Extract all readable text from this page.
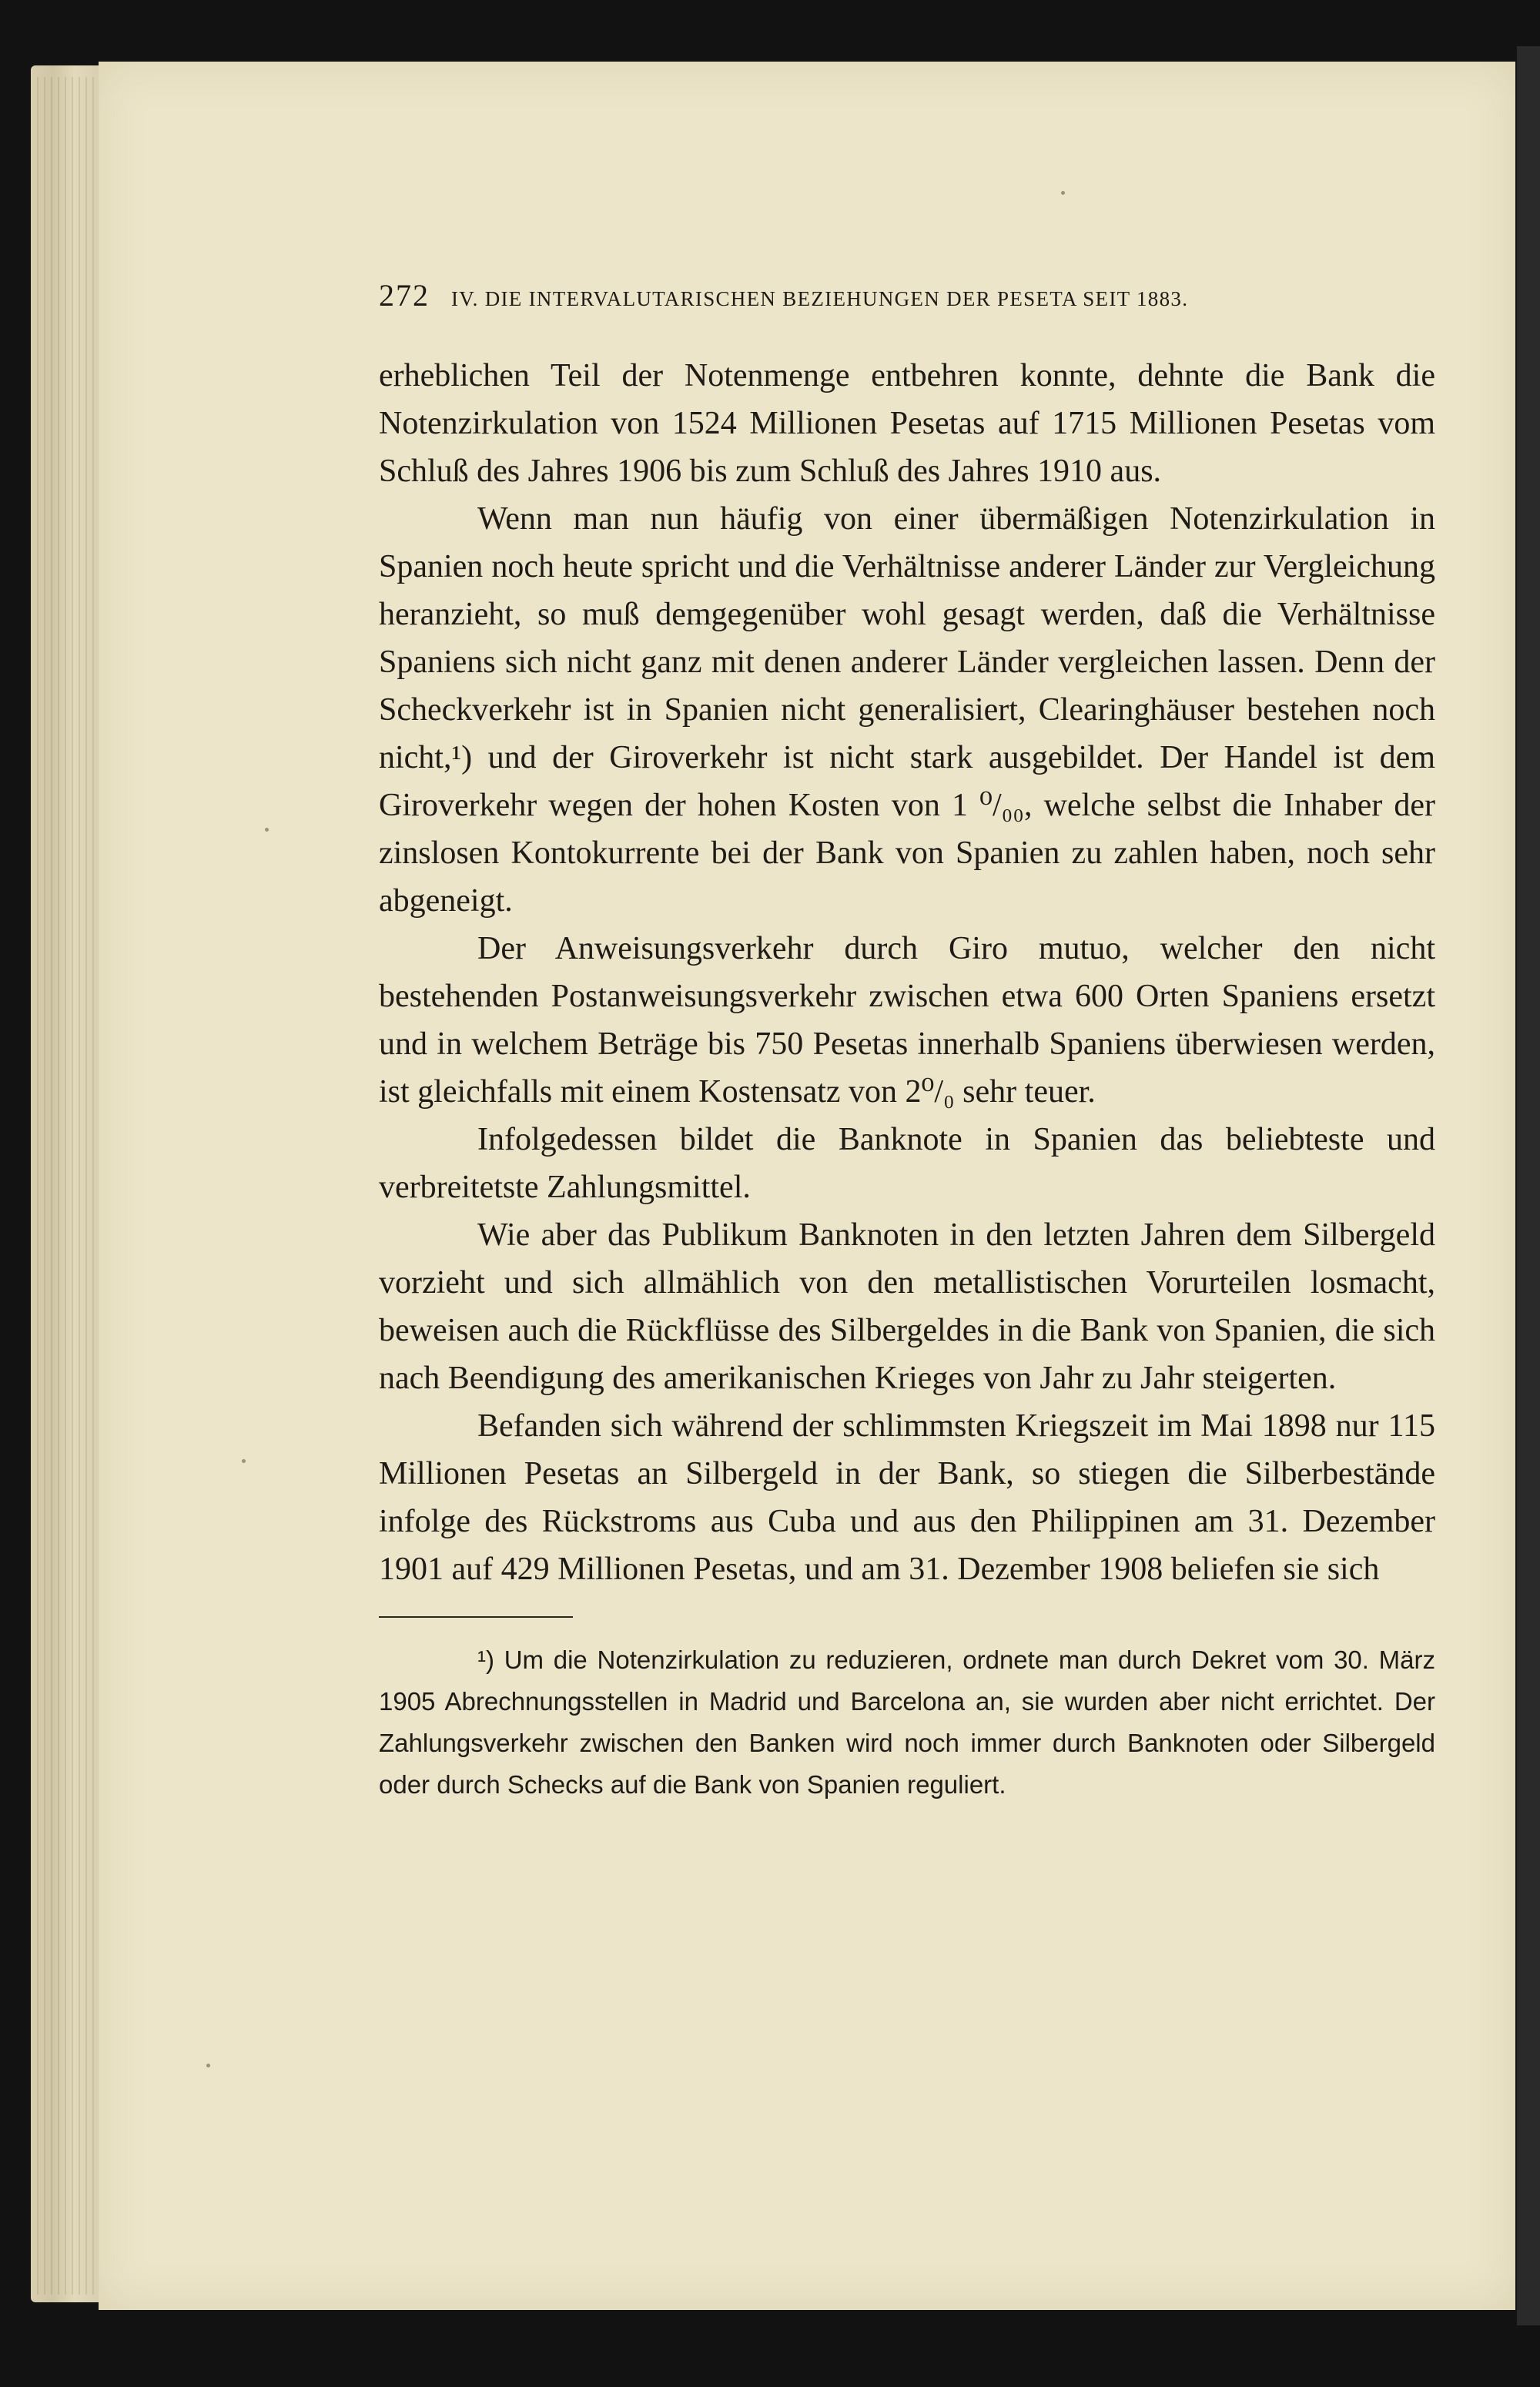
272 IV. DIE INTERVALUTARISCHEN BEZIEHUNGEN DER PESETA SEIT 1883.

erheblichen Teil der Notenmenge entbehren konnte, dehnte die Bank die Notenzirkulation von 1524 Millionen Pesetas auf 1715 Millionen Pesetas vom Schluß des Jahres 1906 bis zum Schluß des Jahres 1910 aus.

Wenn man nun häufig von einer übermäßigen Notenzirkulation in Spanien noch heute spricht und die Verhältnisse anderer Länder zur Vergleichung heranzieht, so muß demgegenüber wohl gesagt werden, daß die Verhältnisse Spaniens sich nicht ganz mit denen anderer Länder vergleichen lassen. Denn der Scheckverkehr ist in Spanien nicht generalisiert, Clearinghäuser bestehen noch nicht,¹) und der Giroverkehr ist nicht stark ausgebildet. Der Handel ist dem Giroverkehr wegen der hohen Kosten von 1 ⁰/₀₀, welche selbst die Inhaber der zinslosen Kontokurrente bei der Bank von Spanien zu zahlen haben, noch sehr abgeneigt.

Der Anweisungsverkehr durch Giro mutuo, welcher den nicht bestehenden Postanweisungsverkehr zwischen etwa 600 Orten Spaniens ersetzt und in welchem Beträge bis 750 Pesetas innerhalb Spaniens überwiesen werden, ist gleichfalls mit einem Kostensatz von 2⁰/₀ sehr teuer.

Infolgedessen bildet die Banknote in Spanien das beliebteste und verbreitetste Zahlungsmittel.

Wie aber das Publikum Banknoten in den letzten Jahren dem Silbergeld vorzieht und sich allmählich von den metallistischen Vorurteilen losmacht, beweisen auch die Rückflüsse des Silbergeldes in die Bank von Spanien, die sich nach Beendigung des amerikanischen Krieges von Jahr zu Jahr steigerten.

Befanden sich während der schlimmsten Kriegszeit im Mai 1898 nur 115 Millionen Pesetas an Silbergeld in der Bank, so stiegen die Silberbestände infolge des Rückstroms aus Cuba und aus den Philippinen am 31. Dezember 1901 auf 429 Millionen Pesetas, und am 31. Dezember 1908 beliefen sie sich

¹) Um die Notenzirkulation zu reduzieren, ordnete man durch Dekret vom 30. März 1905 Abrechnungsstellen in Madrid und Barcelona an, sie wurden aber nicht errichtet. Der Zahlungsverkehr zwischen den Banken wird noch immer durch Banknoten oder Silbergeld oder durch Schecks auf die Bank von Spanien reguliert.
